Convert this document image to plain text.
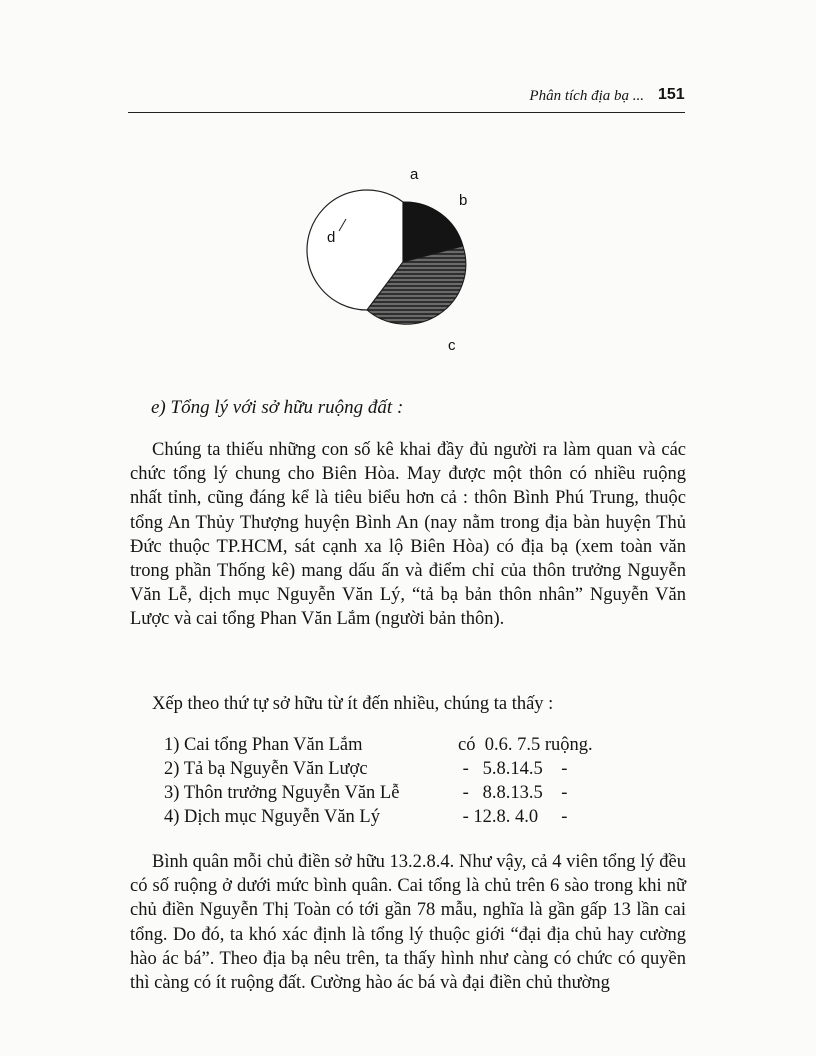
Phân tích địa bạ ... 151
a
b
c
d
e) Tổng lý với sở hữu ruộng đất :

Chúng ta thiếu những con số kê khai đầy đủ người ra làm quan và các chức tổng lý chung cho Biên Hòa. May được một thôn có nhiều ruộng nhất tỉnh, cũng đáng kể là tiêu biểu hơn cả : thôn Bình Phú Trung, thuộc tổng An Thủy Thượng huyện Bình An (nay nằm trong địa bàn huyện Thủ Đức thuộc TP.HCM, sát cạnh xa lộ Biên Hòa) có địa bạ (xem toàn văn trong phần Thống kê) mang dấu ấn và điểm chỉ của thôn trưởng Nguyễn Văn Lễ, dịch mục Nguyễn Văn Lý, “tả bạ bản thôn nhân” Nguyễn Văn Lược và cai tổng Phan Văn Lắm (người bản thôn).

Xếp theo thứ tự sở hữu từ ít đến nhiều, chúng ta thấy :

1) Cai tổng Phan Văn Lắm	có  0.6. 7.5 ruộng.
2) Tả bạ Nguyễn Văn Lược	-   5.8.14.5    -
3) Thôn trưởng Nguyễn Văn Lễ	-   8.8.13.5    -
4) Dịch mục Nguyễn Văn Lý	- 12.8. 4.0     -

Bình quân mỗi chủ điền sở hữu 13.2.8.4. Như vậy, cả 4 viên tổng lý đều có số ruộng ở dưới mức bình quân. Cai tổng là chủ trên 6 sào trong khi nữ chủ điền Nguyễn Thị Toàn có tới gần 78 mẫu, nghĩa là gần gấp 13 lần cai tổng. Do đó, ta khó xác định là tổng lý thuộc giới “đại địa chủ hay cường hào ác bá”. Theo địa bạ nêu trên, ta thấy hình như càng có chức có quyền thì càng có ít ruộng đất. Cường hào ác bá và đại điền chủ thường
